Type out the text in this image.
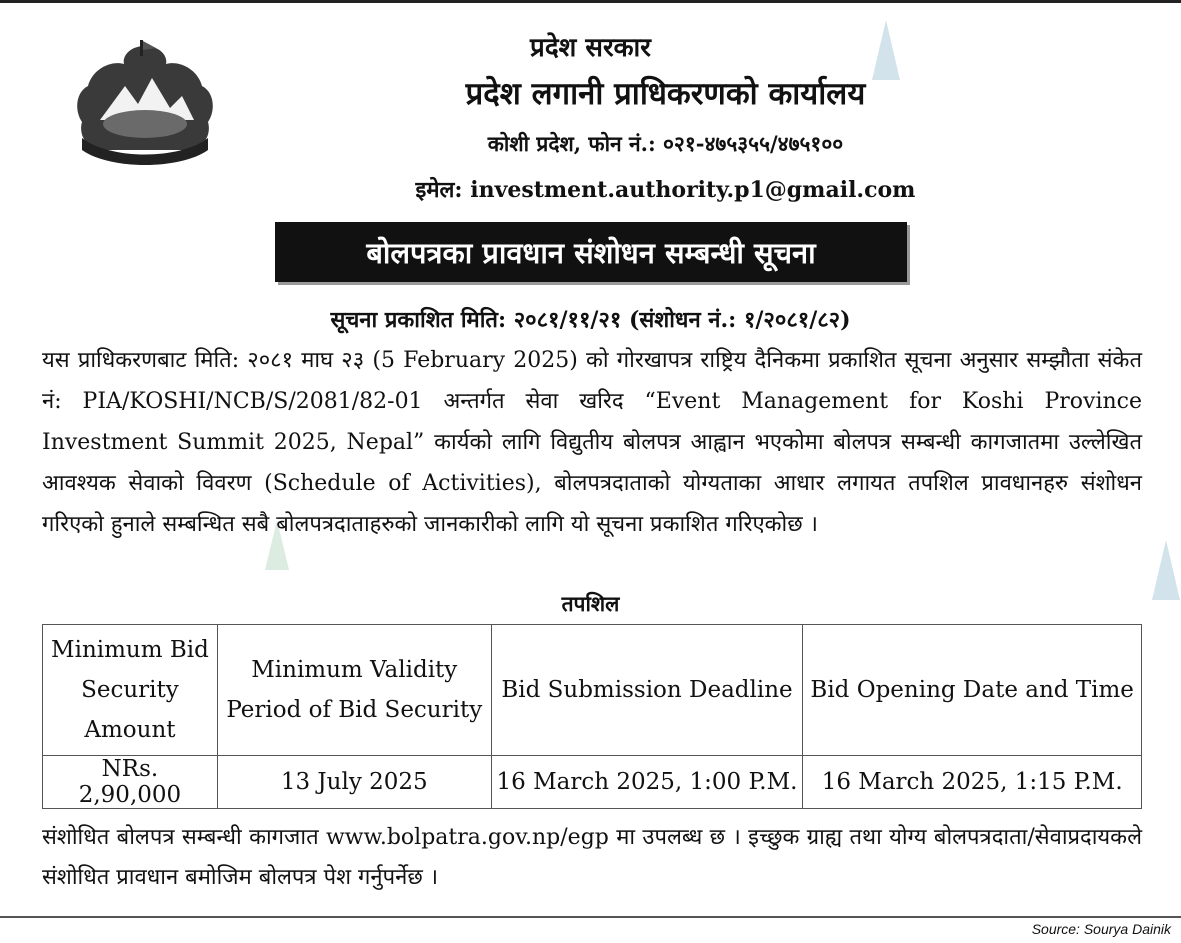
प्रदेश सरकार
प्रदेश लगानी प्राधिकरणको कार्यालय
कोशी प्रदेश, फोन नं.: ०२१-४७५३५५/४७५१००
इमेल: investment.authority.p1@gmail.com
बोलपत्रका प्रावधान संशोधन सम्बन्धी सूचना
सूचना प्रकाशित मिति: २०८१/११/२१ (संशोधन नं.: १/२०८१/८२)

यस प्राधिकरणबाट मिति: २०८१ माघ २३ (5 February 2025) को गोरखापत्र राष्ट्रिय दैनिकमा प्रकाशित सूचना अनुसार सम्झौता संकेत नं: PIA/KOSHI/NCB/S/2081/82-01 अन्तर्गत सेवा खरिद “Event Management for Koshi Province Investment Summit 2025, Nepal” कार्यको लागि विद्युतीय बोलपत्र आह्वान भएकोमा बोलपत्र सम्बन्धी कागजातमा उल्लेखित आवश्यक सेवाको विवरण (Schedule of Activities), बोलपत्रदाताको योग्यताका आधार लगायत तपशिल प्रावधानहरु संशोधन गरिएको हुनाले सम्बन्धित सबै बोलपत्रदाताहरुको जानकारीको लागि यो सूचना प्रकाशित गरिएकोछ ।

तपशिल
Minimum Bid Security Amount	Minimum Validity Period of Bid Security	Bid Submission Deadline	Bid Opening Date and Time
NRs. 2,90,000	13 July 2025	16 March 2025, 1:00 P.M.	16 March 2025, 1:15 P.M.

संशोधित बोलपत्र सम्बन्धी कागजात www.bolpatra.gov.np/egp मा उपलब्ध छ । इच्छुक ग्राह्य तथा योग्य बोलपत्रदाता/सेवाप्रदायकले संशोधित प्रावधान बमोजिम बोलपत्र पेश गर्नुपर्नेछ ।

Source: Sourya Dainik
